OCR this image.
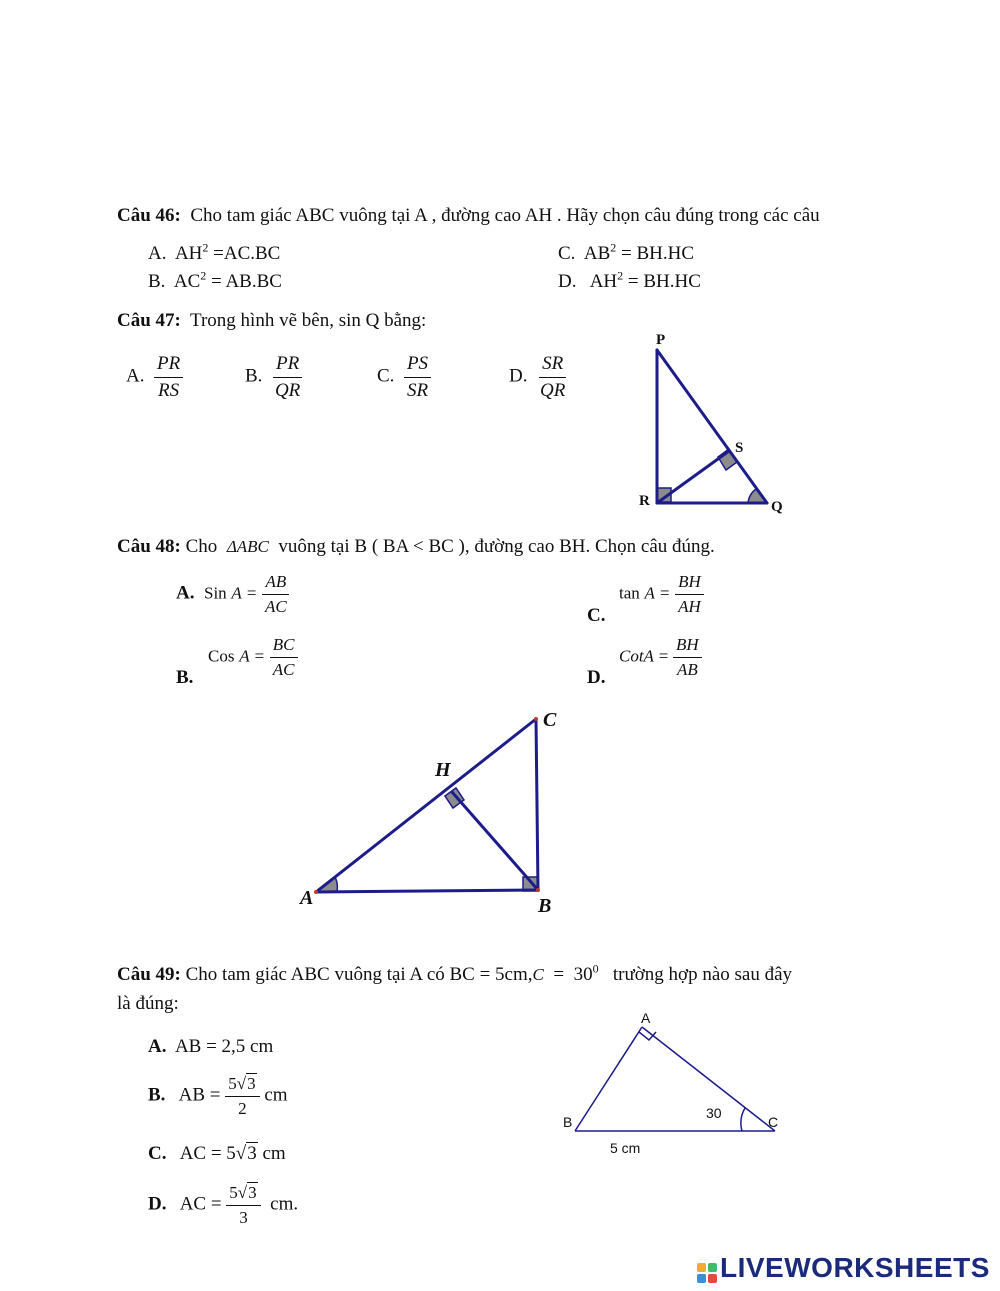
Câu 46: Cho tam giác ABC vuông tại A , đường cao AH . Hãy chọn câu đúng trong các câu
A. $AH^2 =AC.BC$
B. $AC^2 = AB.BC$
C. $AB^2 = BH.HC$
D. $AH^2 = BH.HC$
Câu 47: Trong hình vẽ bên, sin Q bằng:
A. $\frac{PR}{RS}$	B. $\frac{PR}{QR}$	C. $\frac{PS}{SR}$	D. $\frac{SR}{QR}$
P
S
R	Q
Câu 48: Cho ΔABC vuông tại B ( BA < BC ), đường cao BH. Chọn câu đúng.
A. Sin $A = \frac{AB}{AC}$
B.
Cos $A = \frac{BC}{AC}$
C.
$\tan A = \frac{BH}{AH}$
D.
CotA = $\frac{BH}{AB}$
A	B
C
H
Câu 49: Cho tam giác ABC vuông tại A có BC = $5cm,C = 30^0$ trường hợp nào sau đây
là đúng:
A. AB = 2,5 cm
B. AB = $\frac{5√3}{2}$ cm
C. AC = 5√3 cm
D. AC = $\frac{5√3}{3}$ cm.
A
B	C
30
5 cm
LIVEWORKSHEETS
